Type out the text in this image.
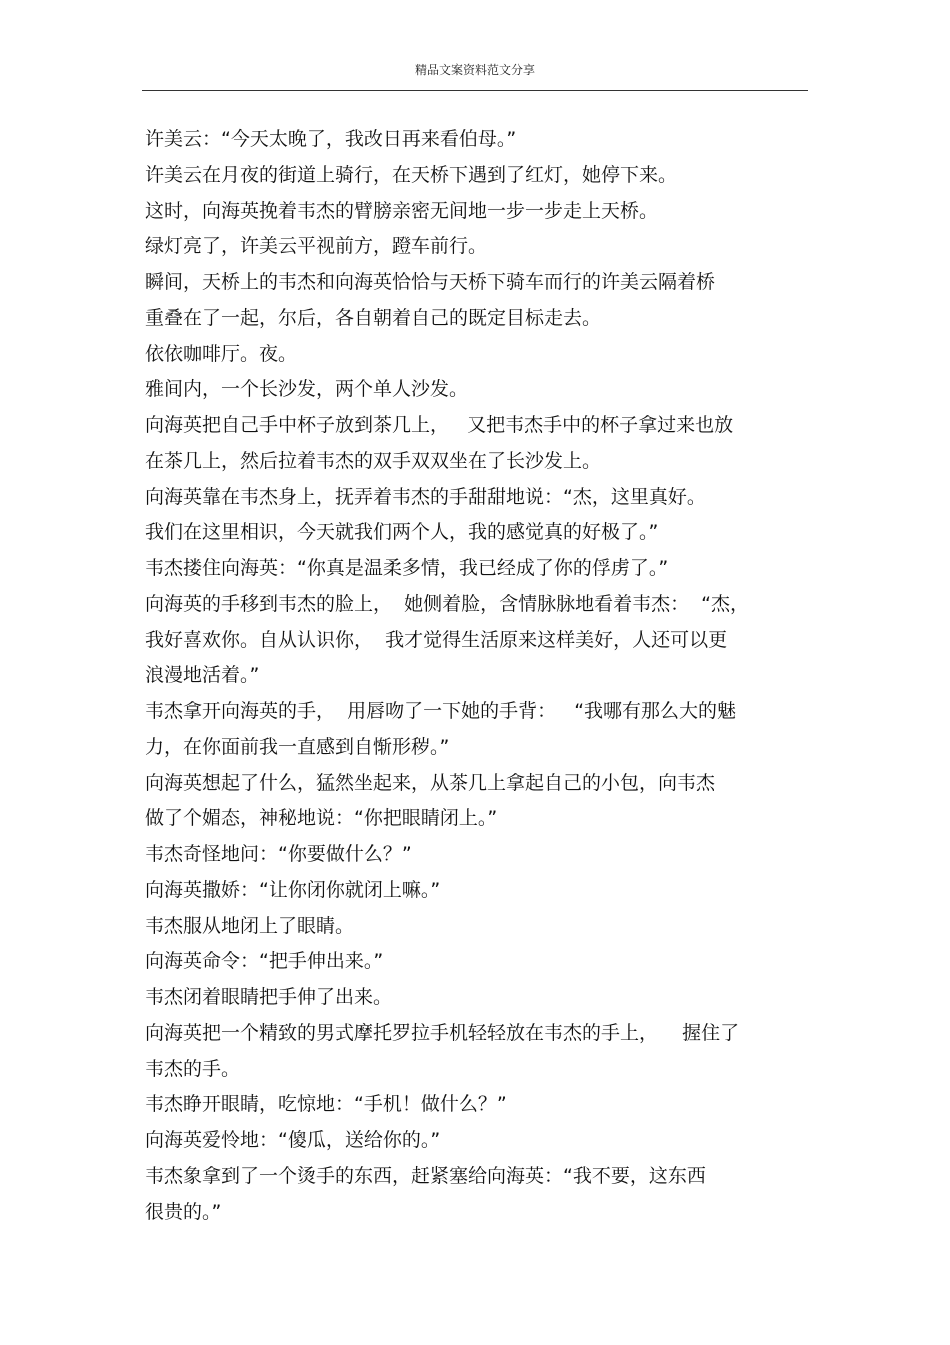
精品文案资料范文分享
许美云：“今天太晚了，我改日再来看伯母。”
许美云在月夜的街道上骑行，在天桥下遇到了红灯，她停下来。
这时，向海英挽着韦杰的臂膀亲密无间地一步一步走上天桥。
绿灯亮了，许美云平视前方，蹬车前行。
瞬间，天桥上的韦杰和向海英恰恰与天桥下骑车而行的许美云隔着桥
重叠在了一起，尔后，各自朝着自己的既定目标走去。
依依咖啡厅。夜。
雅间内，一个长沙发，两个单人沙发。
向海英把自己手中杯子放到茶几上，   又把韦杰手中的杯子拿过来也放
在茶几上，然后拉着韦杰的双手双双坐在了长沙发上。
向海英靠在韦杰身上，抚弄着韦杰的手甜甜地说：“杰，这里真好。
我们在这里相识，今天就我们两个人，我的感觉真的好极了。”
韦杰搂住向海英：“你真是温柔多情，我已经成了你的俘虏了。”
向海英的手移到韦杰的脸上，  她侧着脸，含情脉脉地看着韦杰：  “杰，
我好喜欢你。自从认识你，  我才觉得生活原来这样美好，人还可以更
浪漫地活着。”
韦杰拿开向海英的手，  用唇吻了一下她的手背：   “我哪有那么大的魅
力，在你面前我一直感到自惭形秽。”
向海英想起了什么，猛然坐起来，从茶几上拿起自己的小包，向韦杰
做了个媚态，神秘地说：“你把眼睛闭上。”
韦杰奇怪地问：“你要做什么？”
向海英撒娇：“让你闭你就闭上嘛。”
韦杰服从地闭上了眼睛。
向海英命令：“把手伸出来。”
韦杰闭着眼睛把手伸了出来。
向海英把一个精致的男式摩托罗拉手机轻轻放在韦杰的手上，    握住了
韦杰的手。
韦杰睁开眼睛，吃惊地：“手机！做什么？”
向海英爱怜地：“傻瓜，送给你的。”
韦杰象拿到了一个烫手的东西，赶紧塞给向海英：“我不要，这东西
很贵的。”
